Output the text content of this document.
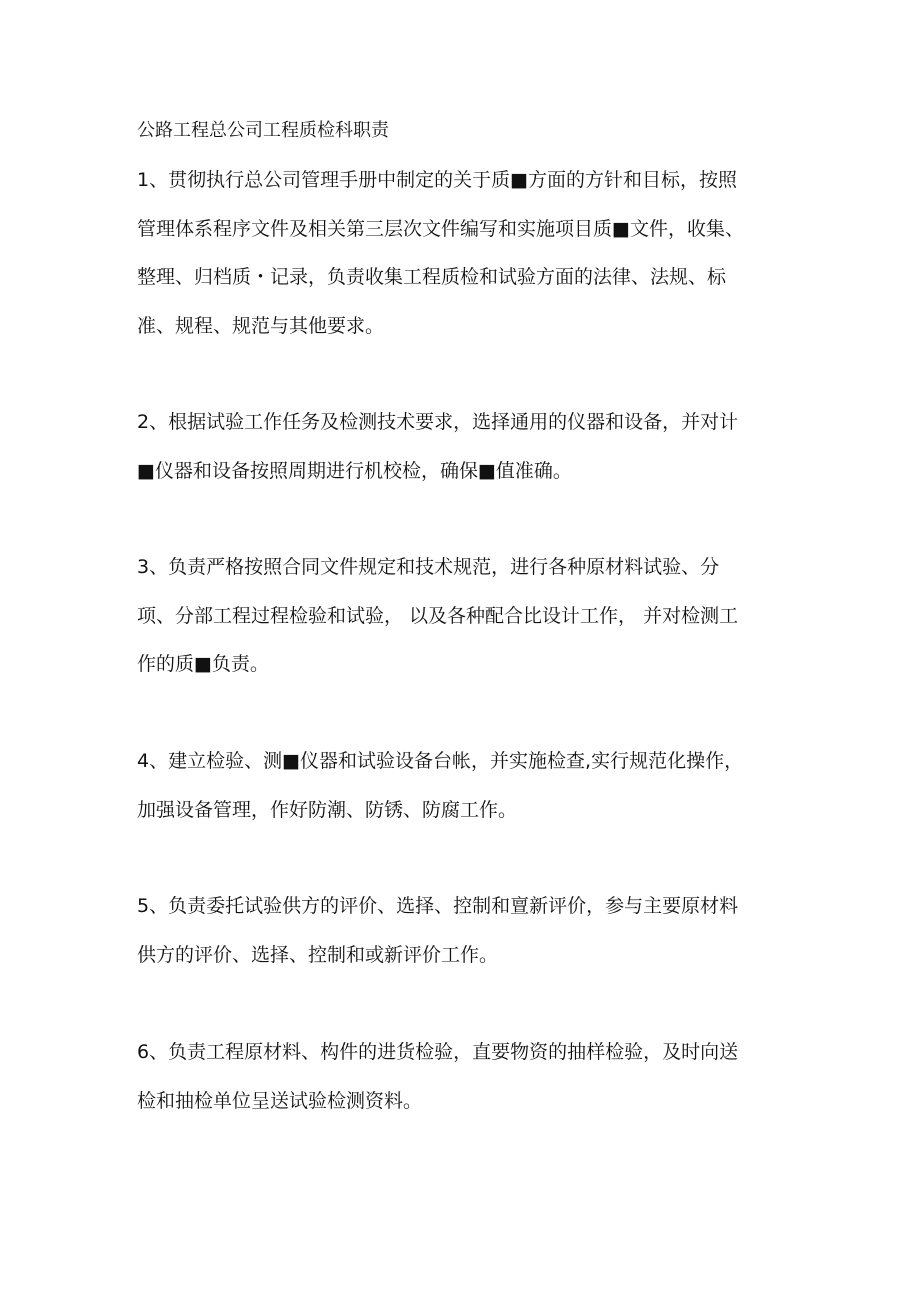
公路工程总公司工程质检科职责
1、贯彻执行总公司管理手册中制定的关于质■方面的方针和目标，按照
管理体系程序文件及相关第三层次文件编写和实施项目质■文件，收集、
整理、归档质・记录，负责收集工程质检和试验方面的法律、法规、标
准、规程、规范与其他要求。
2、根据试验工作任务及检测技术要求，选择通用的仪器和设备，并对计
■仪器和设备按照周期进行机校检，确保■值准确。
3、负责严格按照合同文件规定和技术规范，进行各种原材料试验、分
项、分部工程过程检验和试验， 以及各种配合比设计工作， 并对检测工
作的质■负责。
4、建立检验、测■仪器和试验设备台帐，并实施检查,实行规范化操作，
加强设备管理，作好防潮、防锈、防腐工作。
5、负责委托试验供方的评价、选择、控制和亶新评价，参与主要原材料
供方的评价、选择、控制和或新评价工作。
6、负责工程原材料、构件的进货检验，直要物资的抽样检验，及时向送
检和抽检单位呈送试验检测资料。
